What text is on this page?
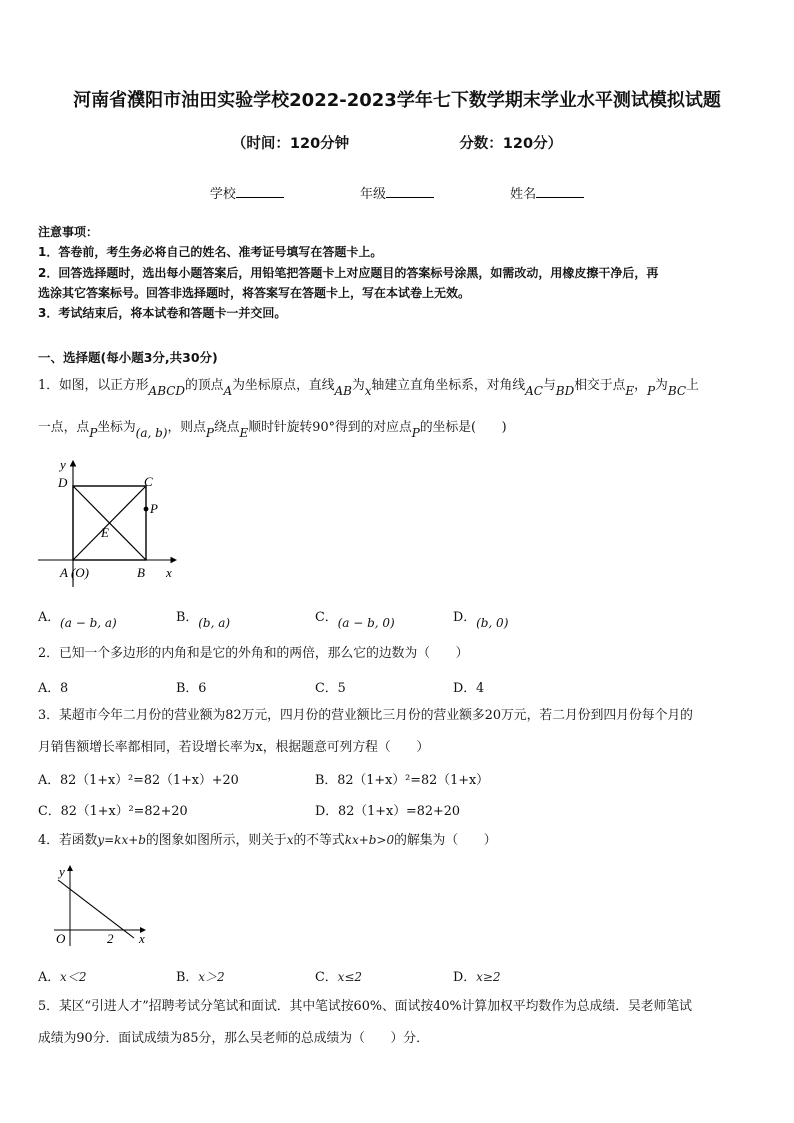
河南省濮阳市油田实验学校2022-2023学年七下数学期末学业水平测试模拟试题
（时间：120分钟	分数：120分）
学校	年级	姓名

注意事项：

1．答卷前，考生务必将自己的姓名、准考证号填写在答题卡上。

2．回答选择题时，选出每小题答案后，用铅笔把答题卡上对应题目的答案标号涂黑，如需改动，用橡皮擦干净后，再

选涂其它答案标号。回答非选择题时，将答案写在答题卡上，写在本试卷上无效。

3．考试结束后，将本试卷和答题卡一并交回。

一、选择题(每小题3分,共30分)
1．如图，以正方形ABCD的顶点A为坐标原点，直线AB为x轴建立直角坐标系，对角线AC与BD相交于点E，P为BC上
一点，点P坐标为(a, b)，则点P绕点E顺时针旋转90°得到的对应点P的坐标是(　　)
y
D	C
P
E
A (O)	B x
A．(a − b, a)	B．(b, a)	C．(a − b, 0)	D．(b, 0)
2．已知一个多边形的内角和是它的外角和的两倍，那么它的边数为（　　）
A．8	B．6	C．5	D．4
3．某超市今年二月份的营业额为82万元，四月份的营业额比三月份的营业额多20万元，若二月份到四月份每个月的
月销售额增长率都相同，若设增长率为x，根据题意可列方程（　　）
A．82（1+x）²=82（1+x）+20	B．82（1+x）²=82（1+x）
C．82（1+x）²=82+20	D．82（1+x）=82+20
4．若函数y=kx+b的图象如图所示，则关于x的不等式kx+b>0的解集为（　　）
y
O	2 x
A．x＜2	B．x＞2	C．x≤2	D．x≥2
5．某区“引进人才”招聘考试分笔试和面试．其中笔试按60%、面试按40%计算加权平均数作为总成绩．吴老师笔试
成绩为90分．面试成绩为85分，那么吴老师的总成绩为（　　）分．
